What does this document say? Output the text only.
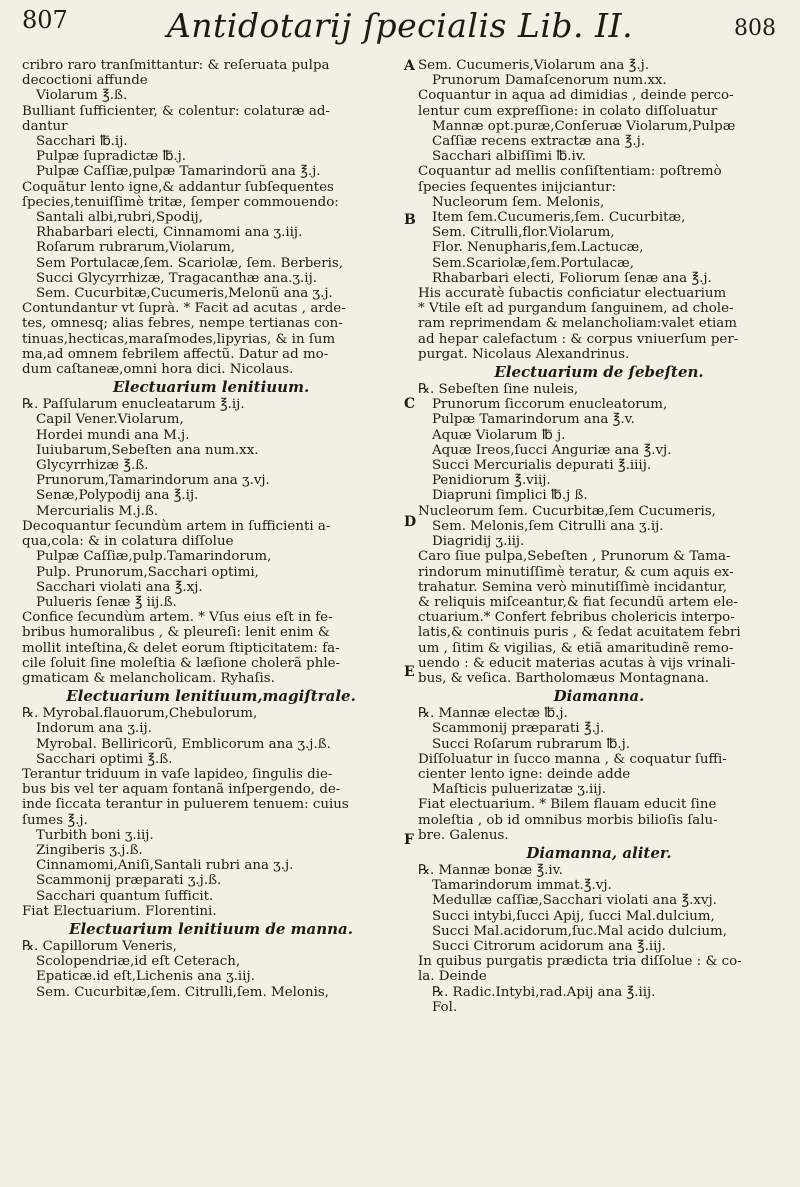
807	Antidotarij ſpecialis Lib. II.	808
cribro raro tranſmittantur: & reſeruata pulpa
decoctioni affunde
Violarum ℥.ß.
Bulliant ſufficienter, & colentur: colaturæ ad-
dantur
Sacchari ℔.ij.
Pulpæ ſupradictæ ℔.j.
Pulpæ Caſſiæ,pulpæ Tamarindorũ ana ℥.j.
Coquãtur lento igne,& addantur ſubſequentes
ſpecies,tenuiſſimè tritæ, ſemper commouendo:
Santali albi,rubri,Spodij,
Rhabarbari electi, Cinnamomi ana ʒ.iij.
Roſarum rubrarum,Violarum,
Sem Portulacæ,ſem. Scariolæ, ſem. Berberis,
Succi Glycyrrhizæ, Tragacanthæ ana.ʒ.ij.
Sem. Cucurbitæ,Cucumeris,Melonũ ana ʒ.j.
Contundantur vt ſuprà. * Facit ad acutas , arde-
tes, omnesq; alias febres, nempe tertianas con-
tinuas,hecticas,maraſmodes,lipyrias, & in ſum
ma,ad omnem febrilem affectũ. Datur ad mo-
dum caſtaneæ,omni hora dici. Nicolaus.
Electuarium lenitiuum.
℞. Paſſularum enucleatarum ℥.ij.
Capil Vener.Violarum,
Hordei mundi ana M.j.
Iuiubarum,Sebeſten ana num.xx.
Glycyrrhizæ ℥.ß.
Prunorum,Tamarindorum ana ʒ.vj.
Senæ,Polypodij ana ℥.ij.
Mercurialis M.j.ß.
Decoquantur ſecundùm artem in ſufficienti a-
qua,cola: & in colatura diſſolue
Pulpæ Caſſiæ,pulp.Tamarindorum,
Pulp. Prunorum,Sacchari optimi,
Sacchari violati ana ℥.xj.
Pulueris ſenæ ℥ iij.ß.
Confice ſecundùm artem. * Vſus eius eſt in fe-
bribus humoralibus , & pleureſi: lenit enim &
mollit inteſtina,& delet eorum ſtipticitatem: fa-
cile ſoluit ſine moleſtia & læſione cholerã phle-
gmaticam & melancholicam. Ryhaſis.
Electuarium lenitiuum,magiſtrale.
℞. Myrobal.flauorum,Chebulorum,
Indorum ana ʒ.ij.
Myrobal. Belliricorũ, Emblicorum ana ʒ.j.ß.
Sacchari optimi ℥.ß.
Terantur triduum in vaſe lapideo, ſingulis die-
bus bis vel ter aquam fontanã inſpergendo, de-
inde ſiccata terantur in puluerem tenuem: cuius
ſumes ℥.j.
Turbith boni ʒ.iij.
Zingiberis ʒ.j.ß.
Cinnamomi,Aniſi,Santali rubri ana ʒ.j.
Scammonij præparati ʒ.j.ß.
Sacchari quantum ſufficit.
Fiat Electuarium. Florentini.
Electuarium lenitiuum de manna.
℞. Capillorum Veneris,
Scolopendriæ,id eſt Ceterach,
Epaticæ.id eſt,Lichenis ana ʒ.iij.
Sem. Cucurbitæ,ſem. Citrulli,ſem. Melonis,
Sem. Cucumeris,Violarum ana ℥.j.
Prunorum Damaſcenorum num.xx.
Coquantur in aqua ad dimidias , deinde perco-
lentur cum expreſſione: in colato diſſoluatur
Mannæ opt.puræ,Conſeruæ Violarum,Pulpæ
Caſſiæ recens extractæ ana ℥.j.
Sacchari albiſſimi ℔.iv.
Coquantur ad mellis conſiſtentiam: poſtremò
ſpecies ſequentes inijciantur:
Nucleorum ſem. Melonis,
Item ſem.Cucumeris,ſem. Cucurbitæ,
Sem. Citrulli,flor.Violarum,
Flor. Nenupharis,ſem.Lactucæ,
Sem.Scariolæ,ſem.Portulacæ,
Rhabarbari electi, Foliorum ſenæ ana ℥.j.
His accuratè ſubactis conficiatur electuarium
* Vtile eſt ad purgandum ſanguinem, ad chole-
ram reprimendam & melancholiam:valet etiam
ad hepar calefactum : & corpus vniuerſum per-
purgat. Nicolaus Alexandrinus.
Electuarium de ſebeſten.
℞. Sebeſten ſine nuleis,
Prunorum ſiccorum enucleatorum,
Pulpæ Tamarindorum ana ℥.v.
Aquæ Violarum ℔ j.
Aquæ Ireos,ſucci Anguriæ ana ℥.vj.
Succi Mercurialis depurati ℥.iiij.
Penidiorum ℥.viij.
Diapruni ſimplici ℔.j ß.
Nucleorum ſem. Cucurbitæ,ſem Cucumeris,
Sem. Melonis,ſem Citrulli ana ʒ.ij.
Diagridij ʒ.iij.
Caro ſiue pulpa,Sebeſten , Prunorum & Tama-
rindorum minutiſſimè teratur, & cum aquis ex-
trahatur. Semina verò minutiſſimè incidantur,
& reliquis miſceantur,& fiat ſecundũ artem ele-
ctuarium.* Confert febribus cholericis interpo-
latis,& continuis puris , & ſedat acuitatem febri
um , ſitim & vigilias, & etiã amaritudinẽ remo-
uendo : & educit materias acutas à vijs vrinali-
bus, & veſica. Bartholomæus Montagnana.
Diamanna.
℞. Mannæ electæ ℔.j.
Scammonij præparati ℥.j.
Succi Roſarum rubrarum ℔.j.
Diſſoluatur in ſucco manna , & coquatur ſuffi-
cienter lento igne: deinde adde
Maſticis puluerizatæ ʒ.iij.
Fiat electuarium. * Bilem flauam educit ſine
moleſtia , ob id omnibus morbis bilioſis ſalu-
bre. Galenus.
Diamanna, aliter.
℞. Mannæ bonæ ℥.iv.
Tamarindorum immat.℥.vj.
Medullæ caſſiæ,Sacchari violati ana ℥.xvj.
Succi intybi,ſucci Apij, ſucci Mal.dulcium,
Succi Mal.acidorum,ſuc.Mal acido dulcium,
Succi Citrorum acidorum ana ℥.iij.
In quibus purgatis prædicta tria diſſolue : & co-
la. Deinde
℞. Radic.Intybi,rad.Apij ana ℥.iij.
Fol.
A
B
C
D
E
F
